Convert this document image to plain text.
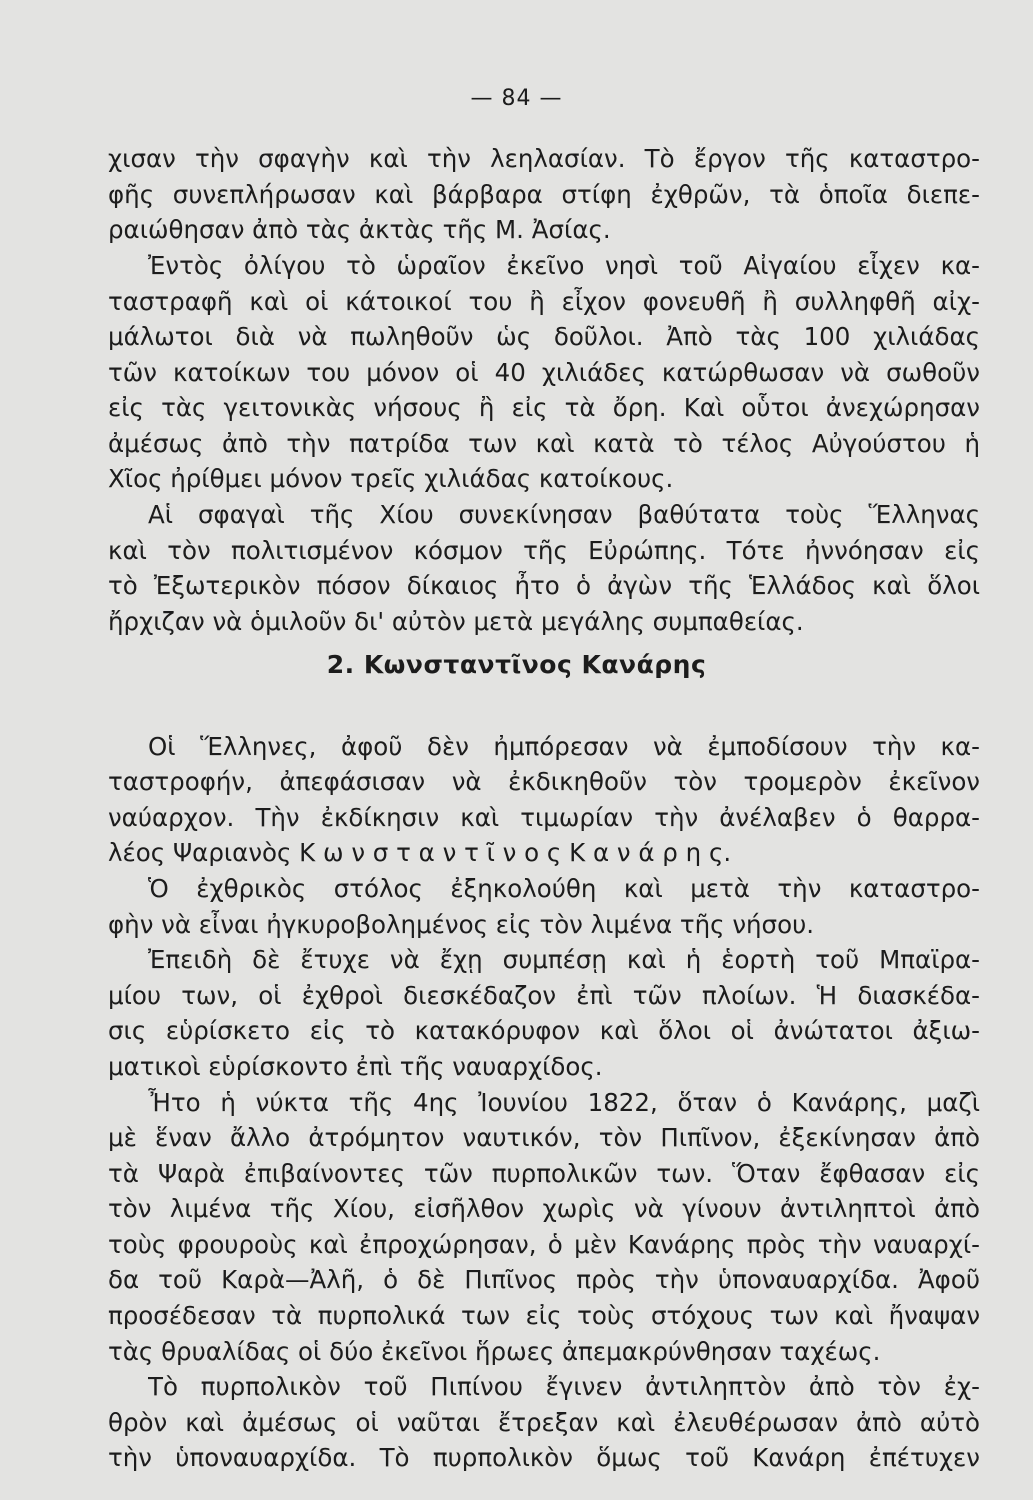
— 84 —
χισαν τὴν σφαγὴν καὶ τὴν λεηλασίαν. Τὸ ἔργον τῆς καταστρο-
φῆς συνεπλήρωσαν καὶ βάρβαρα στίφη ἐχθρῶν, τὰ ὁποῖα διεπε-
ραιώθησαν ἀπὸ τὰς ἀκτὰς τῆς Μ. Ἀσίας.
Ἐντὸς ὀλίγου τὸ ὡραῖον ἐκεῖνο νησὶ τοῦ Αἰγαίου εἶχεν κα-
ταστραφῆ καὶ οἱ κάτοικοί του ἢ εἶχον φονευθῆ ἢ συλληφθῆ αἰχ-
μάλωτοι διὰ νὰ πωληθοῦν ὡς δοῦλοι. Ἀπὸ τὰς 100 χιλιάδας
τῶν κατοίκων του μόνον οἱ 40 χιλιάδες κατώρθωσαν νὰ σωθοῦν
εἰς τὰς γειτονικὰς νήσους ἢ εἰς τὰ ὄρη. Καὶ οὗτοι ἀνεχώρησαν
ἀμέσως ἀπὸ τὴν πατρίδα των καὶ κατὰ τὸ τέλος Αὐγούστου ἡ
Χῖος ἠρίθμει μόνον τρεῖς χιλιάδας κατοίκους.
Αἱ σφαγαὶ τῆς Χίου συνεκίνησαν βαθύτατα τοὺς Ἕλληνας
καὶ τὸν πολιτισμένον κόσμον τῆς Εὐρώπης. Τότε ἠννόησαν εἰς
τὸ Ἐξωτερικὸν πόσον δίκαιος ἦτο ὁ ἀγὼν τῆς Ἑλλάδος καὶ ὅλοι
ἤρχιζαν νὰ ὁμιλοῦν δι' αὐτὸν μετὰ μεγάλης συμπαθείας.
2. Κωνσταντῖνος Κανάρης
Οἱ Ἕλληνες, ἀφοῦ δὲν ἠμπόρεσαν νὰ ἐμποδίσουν τὴν κα-
ταστροφήν, ἀπεφάσισαν νὰ ἐκδικηθοῦν τὸν τρομερὸν ἐκεῖνον
ναύαρχον. Τὴν ἐκδίκησιν καὶ τιμωρίαν τὴν ἀνέλαβεν ὁ θαρρα-
λέος Ψαριανὸς Κ ω ν σ τ α ν τ ῖ ν ο ς Κ α ν ά ρ η ς.
Ὁ ἐχθρικὸς στόλος ἐξηκολούθη καὶ μετὰ τὴν καταστρο-
φὴν νὰ εἶναι ἠγκυροβολημένος εἰς τὸν λιμένα τῆς νήσου.
Ἐπειδὴ δὲ ἔτυχε νὰ ἔχῃ συμπέσῃ καὶ ἡ ἑορτὴ τοῦ Μπαϊρα-
μίου των, οἱ ἐχθροὶ διεσκέδαζον ἐπὶ τῶν πλοίων. Ἡ διασκέδα-
σις εὑρίσκετο εἰς τὸ κατακόρυφον καὶ ὅλοι οἱ ἀνώτατοι ἀξιω-
ματικοὶ εὑρίσκοντο ἐπὶ τῆς ναυαρχίδος.
Ἦτο ἡ νύκτα τῆς 4ης Ἰουνίου 1822, ὅταν ὁ Κανάρης, μαζὶ
μὲ ἕναν ἄλλο ἀτρόμητον ναυτικόν, τὸν Πιπῖνον, ἐξεκίνησαν ἀπὸ
τὰ Ψαρὰ ἐπιβαίνοντες τῶν πυρπολικῶν των. Ὅταν ἔφθασαν εἰς
τὸν λιμένα τῆς Χίου, εἰσῆλθον χωρὶς νὰ γίνουν ἀντιληπτοὶ ἀπὸ
τοὺς φρουροὺς καὶ ἐπροχώρησαν, ὁ μὲν Κανάρης πρὸς τὴν ναυαρχί-
δα τοῦ Καρὰ—Ἀλῆ, ὁ δὲ Πιπῖνος πρὸς τὴν ὑποναυαρχίδα. Ἀφοῦ
προσέδεσαν τὰ πυρπολικά των εἰς τοὺς στόχους των καὶ ἤναψαν
τὰς θρυαλίδας οἱ δύο ἐκεῖνοι ἥρωες ἀπεμακρύνθησαν ταχέως.
Τὸ πυρπολικὸν τοῦ Πιπίνου ἔγινεν ἀντιληπτὸν ἀπὸ τὸν ἐχ-
θρὸν καὶ ἀμέσως οἱ ναῦται ἔτρεξαν καὶ ἐλευθέρωσαν ἀπὸ αὐτὸ
τὴν ὑποναυαρχίδα. Τὸ πυρπολικὸν ὅμως τοῦ Κανάρη ἐπέτυχεν
